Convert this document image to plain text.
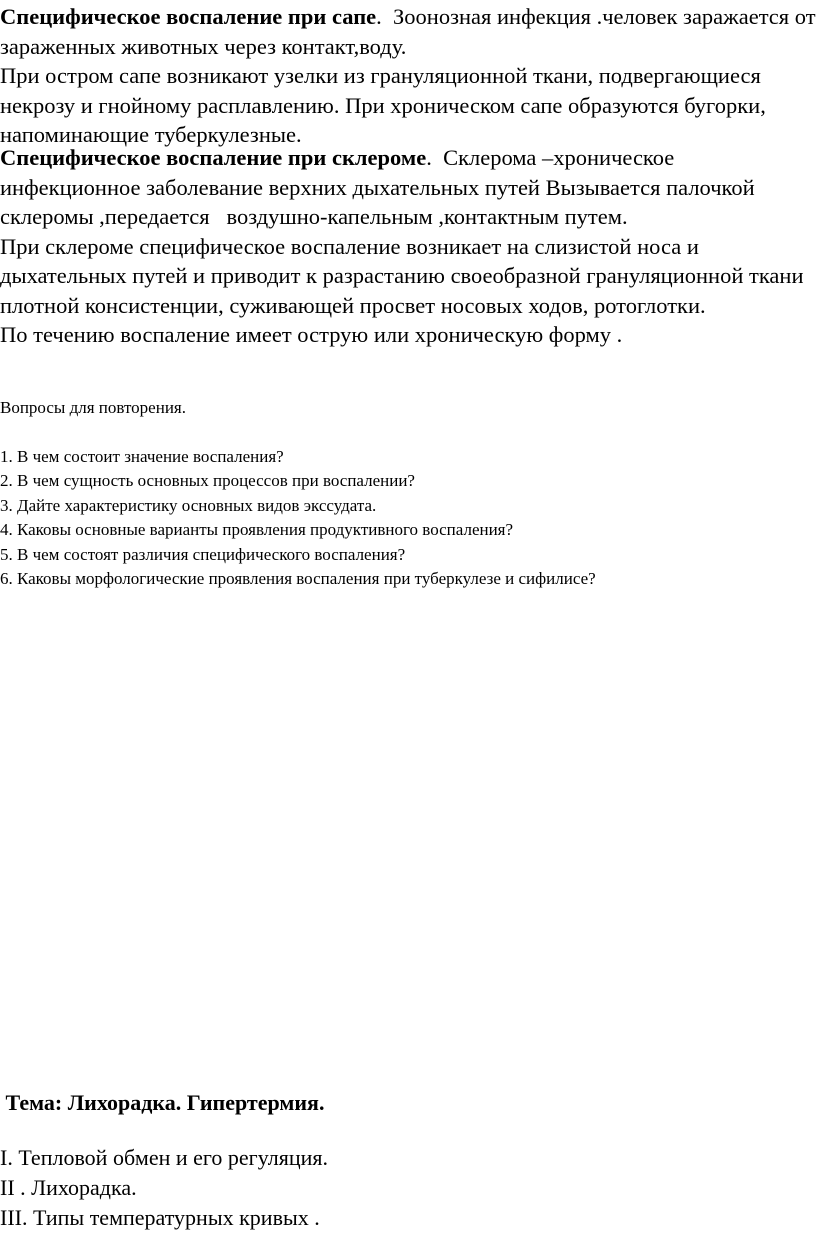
Специфическое воспаление при сапе.  Зоонозная инфекция .человек заражается от зараженных животных через контакт,воду.
При остром сапе возникают узелки из грануляционной ткани, подвергающиеся некрозу и гнойному расплавлению. При хроническом сапе образуются бугорки, напоминающие туберкулезные.

Специфическое воспаление при склероме.  Склерома –хроническое инфекционное заболевание верхних дыхательных путей Вызывается палочкой склеромы ,передается   воздушно-капельным ,контактным путем.
При склероме специфическое воспаление возникает на слизистой носа и дыхательных путей и приводит к разрастанию своеобразной грануляционной ткани плотной консистенции, суживающей просвет носовых ходов, ротоглотки.
По течению воспаление имеет острую или хроническую форму .

Вопросы для повторения.

1. В чем состоит значение воспаления?
2. В чем сущность основных процессов при воспалении?
3. Дайте характеристику основных видов экссудата.
4. Каковы основные варианты проявления продуктивного воспаления?
5. В чем состоят различия специфического воспаления?
6. Каковы морфологические проявления воспаления при туберкулезе и сифилисе?
Тема: Лихорадка. Гипертермия.
I. Тепловой обмен и его регуляция.
II . Лихорадка.
III. Типы температурных кривых .
